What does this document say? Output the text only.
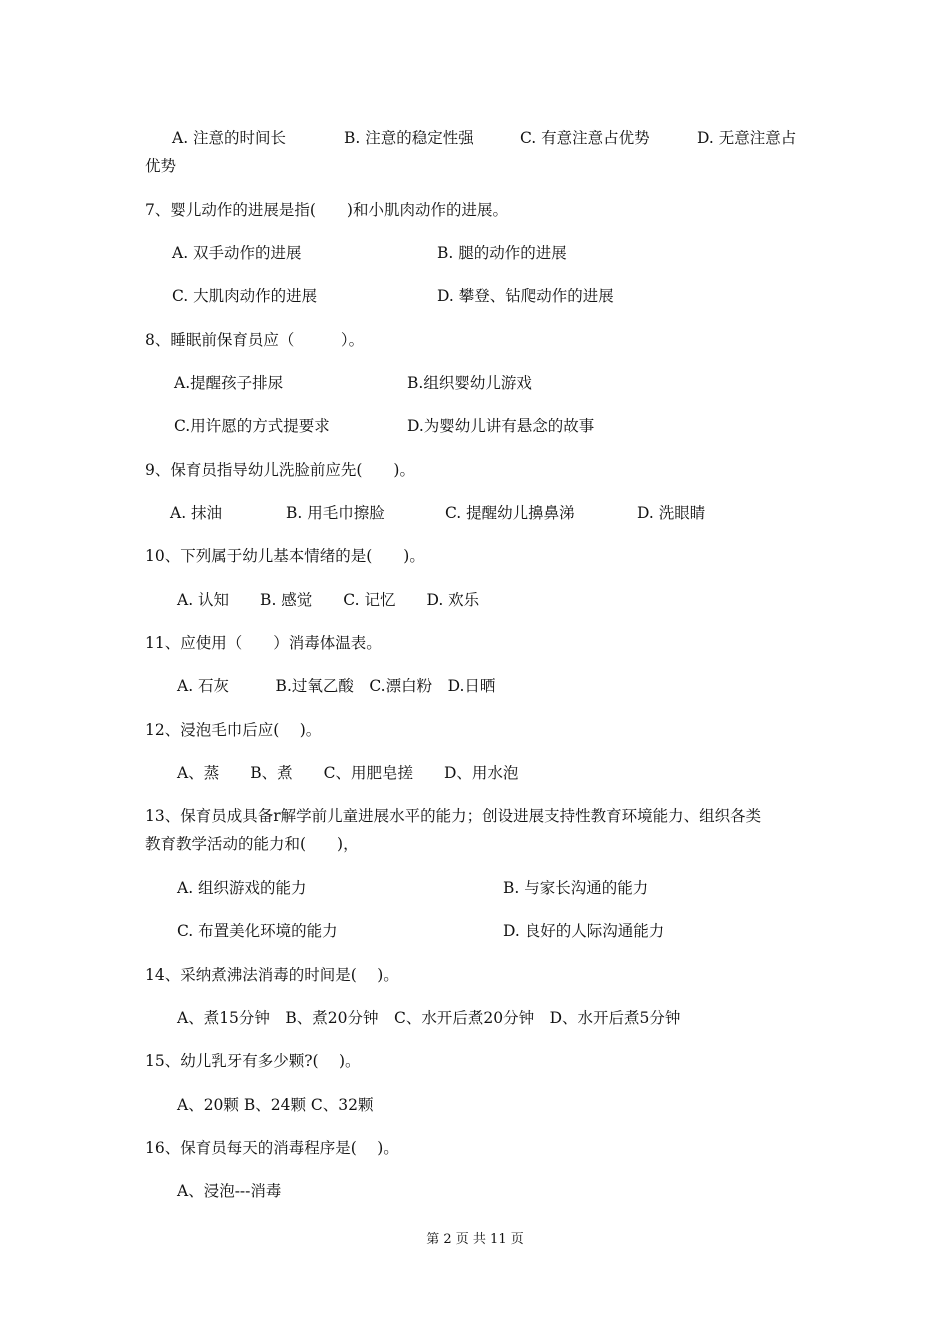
A. 注意的时间长	B. 注意的稳定性强	C. 有意注意占优势	D. 无意注意占
优势
7、婴儿动作的进展是指(　　)和小肌肉动作的进展。
A. 双手动作的进展	B. 腿的动作的进展
C. 大肌肉动作的进展	D. 攀登、钻爬动作的进展
8、睡眠前保育员应（　　　）。
A.提醒孩子排尿	B.组织婴幼儿游戏
C.用许愿的方式提要求	D.为婴幼儿讲有悬念的故事
9、保育员指导幼儿洗脸前应先(　　)。
A. 抹油	B. 用毛巾擦脸	C. 提醒幼儿擤鼻涕	D. 洗眼睛
10、下列属于幼儿基本情绪的是(　　)。
A. 认知　　B. 感觉　　C. 记忆　　D. 欢乐
11、应使用（　　）消毒体温表。
A. 石灰　　　B.过氧乙酸　C.漂白粉　D.日晒
12、浸泡毛巾后应(　 )。
A、蒸　　B、煮　　C、用肥皂搓　　D、用水泡
13、保育员成具备r解学前儿童进展水平的能力；创设进展支持性教育环境能力、组织各类
教育教学活动的能力和(　　)，
A. 组织游戏的能力	B. 与家长沟通的能力
C. 布置美化环境的能力	D. 良好的人际沟通能力
14、采纳煮沸法消毒的时间是(　 )。
A、煮15分钟　B、煮20分钟　C、水开后煮20分钟　D、水开后煮5分钟
15、幼儿乳牙有多少颗?(　 )。
A、20颗 B、24颗 C、32颗
16、保育员每天的消毒程序是(　 )。
A、浸泡---消毒
第 2 页 共 11 页
